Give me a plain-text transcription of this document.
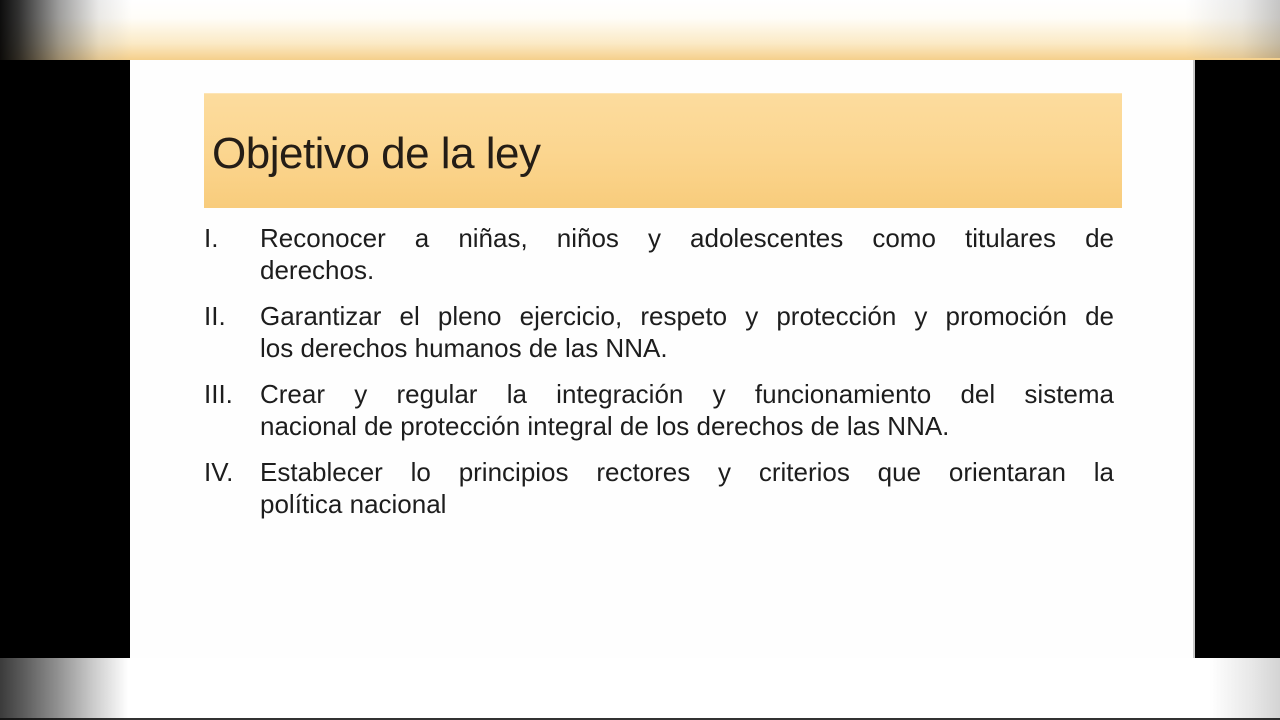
Objetivo de la ley
I.	Reconocer a niñas, niños y adolescentes como titulares de
derechos.
II.	Garantizar el pleno ejercicio, respeto y protección y promoción de
los derechos humanos de las NNA.
III.	Crear y regular la integración y funcionamiento del sistema
nacional de protección integral de los derechos de las NNA.
IV.	Establecer lo principios rectores y criterios que orientaran la
política nacional
